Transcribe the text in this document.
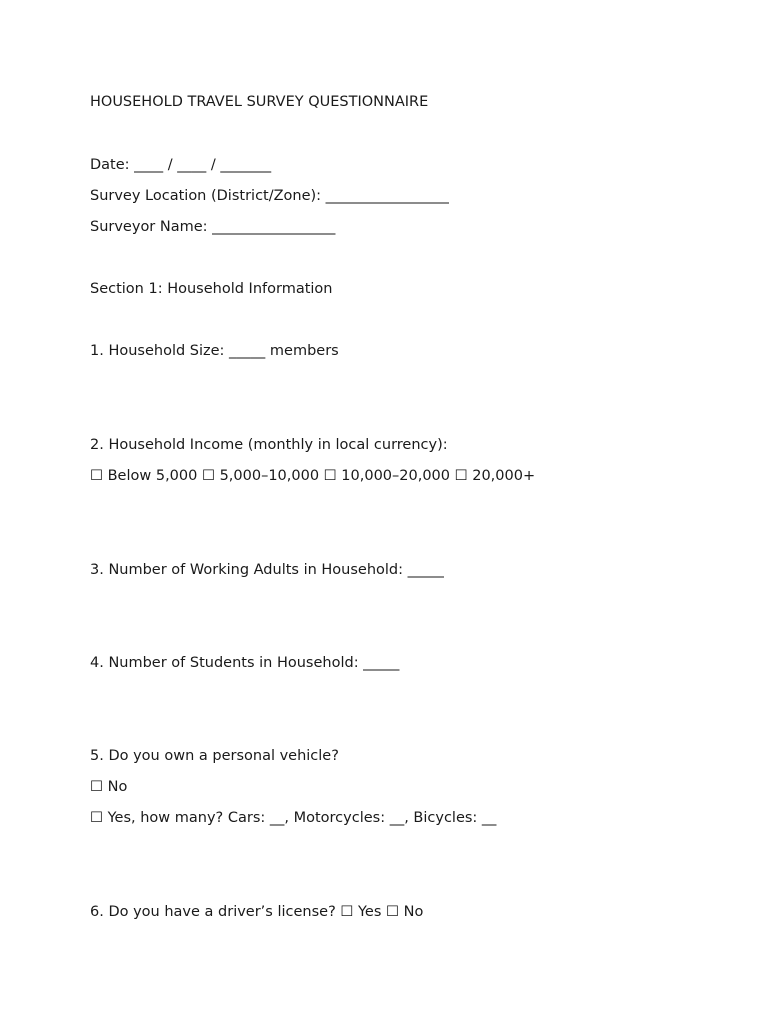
HOUSEHOLD TRAVEL SURVEY QUESTIONNAIRE
Date: ____ / ____ / _______
Survey Location (District/Zone): _________________
Surveyor Name: _________________
Section 1: Household Information
1. Household Size: _____ members
2. Household Income (monthly in local currency):
☐ Below 5,000 ☐ 5,000–10,000 ☐ 10,000–20,000 ☐ 20,000+
3. Number of Working Adults in Household: _____
4. Number of Students in Household: _____
5. Do you own a personal vehicle?
☐ No
☐ Yes, how many? Cars: __, Motorcycles: __, Bicycles: __
6. Do you have a driver’s license? ☐ Yes ☐ No
